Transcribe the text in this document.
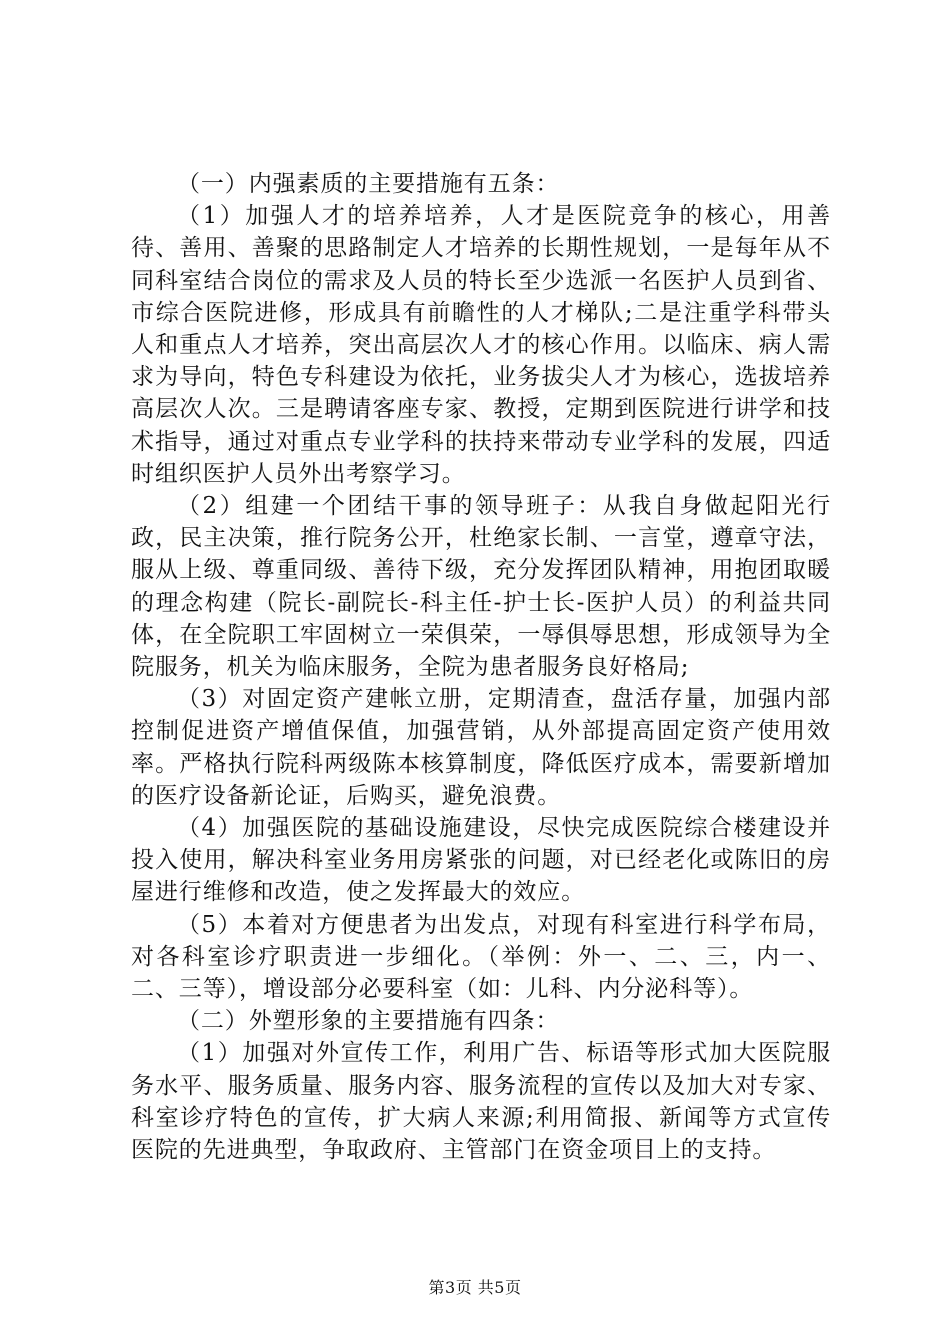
（一）内强素质的主要措施有五条：

（1）加强人才的培养培养，人才是医院竞争的核心，用善待、善用、善聚的思路制定人才培养的长期性规划，一是每年从不同科室结合岗位的需求及人员的特长至少选派一名医护人员到省、市综合医院进修，形成具有前瞻性的人才梯队;二是注重学科带头人和重点人才培养，突出高层次人才的核心作用。以临床、病人需求为导向，特色专科建设为依托，业务拔尖人才为核心，选拔培养高层次人次。三是聘请客座专家、教授，定期到医院进行讲学和技术指导，通过对重点专业学科的扶持来带动专业学科的发展，四适时组织医护人员外出考察学习。

（2）组建一个团结干事的领导班子：从我自身做起阳光行政，民主决策，推行院务公开，杜绝家长制、一言堂，遵章守法，服从上级、尊重同级、善待下级，充分发挥团队精神，用抱团取暖的理念构建（院长-副院长-科主任-护士长-医护人员）的利益共同体，在全院职工牢固树立一荣俱荣，一辱俱辱思想，形成领导为全院服务，机关为临床服务，全院为患者服务良好格局;

（3）对固定资产建帐立册，定期清查，盘活存量，加强内部控制促进资产增值保值，加强营销，从外部提高固定资产使用效率。严格执行院科两级陈本核算制度，降低医疗成本，需要新增加的医疗设备新论证，后购买，避免浪费。

（4）加强医院的基础设施建设，尽快完成医院综合楼建设并投入使用，解决科室业务用房紧张的问题，对已经老化或陈旧的房屋进行维修和改造，使之发挥最大的效应。

（5）本着对方便患者为出发点，对现有科室进行科学布局，对各科室诊疗职责进一步细化。（举例：外一、二、三，内一、二、三等），增设部分必要科室（如：儿科、内分泌科等）。

（二）外塑形象的主要措施有四条：

（1）加强对外宣传工作，利用广告、标语等形式加大医院服务水平、服务质量、服务内容、服务流程的宣传以及加大对专家、科室诊疗特色的宣传，扩大病人来源;利用简报、新闻等方式宣传医院的先进典型，争取政府、主管部门在资金项目上的支持。

第3页 共5页
